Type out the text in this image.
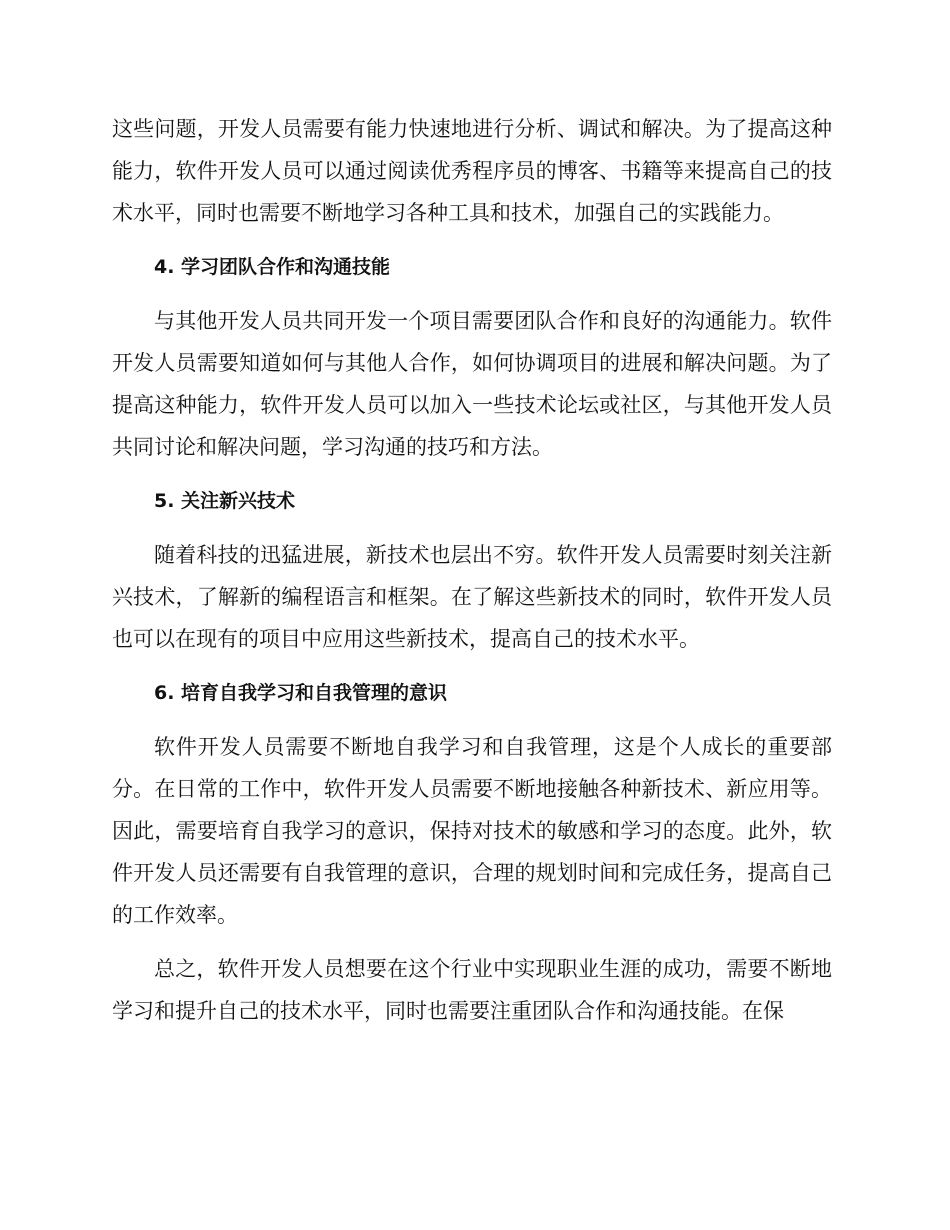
这些问题，开发人员需要有能力快速地进行分析、调试和解决。为了提高这种能力，软件开发人员可以通过阅读优秀程序员的博客、书籍等来提高自己的技术水平，同时也需要不断地学习各种工具和技术，加强自己的实践能力。

4. 学习团队合作和沟通技能

与其他开发人员共同开发一个项目需要团队合作和良好的沟通能力。软件开发人员需要知道如何与其他人合作，如何协调项目的进展和解决问题。为了提高这种能力，软件开发人员可以加入一些技术论坛或社区，与其他开发人员共同讨论和解决问题，学习沟通的技巧和方法。

5. 关注新兴技术

随着科技的迅猛进展，新技术也层出不穷。软件开发人员需要时刻关注新兴技术，了解新的编程语言和框架。在了解这些新技术的同时，软件开发人员也可以在现有的项目中应用这些新技术，提高自己的技术水平。

6. 培育自我学习和自我管理的意识

软件开发人员需要不断地自我学习和自我管理，这是个人成长的重要部分。在日常的工作中，软件开发人员需要不断地接触各种新技术、新应用等。因此，需要培育自我学习的意识，保持对技术的敏感和学习的态度。此外，软件开发人员还需要有自我管理的意识，合理的规划时间和完成任务，提高自己的工作效率。

总之，软件开发人员想要在这个行业中实现职业生涯的成功，需要不断地学习和提升自己的技术水平，同时也需要注重团队合作和沟通技能。在保
